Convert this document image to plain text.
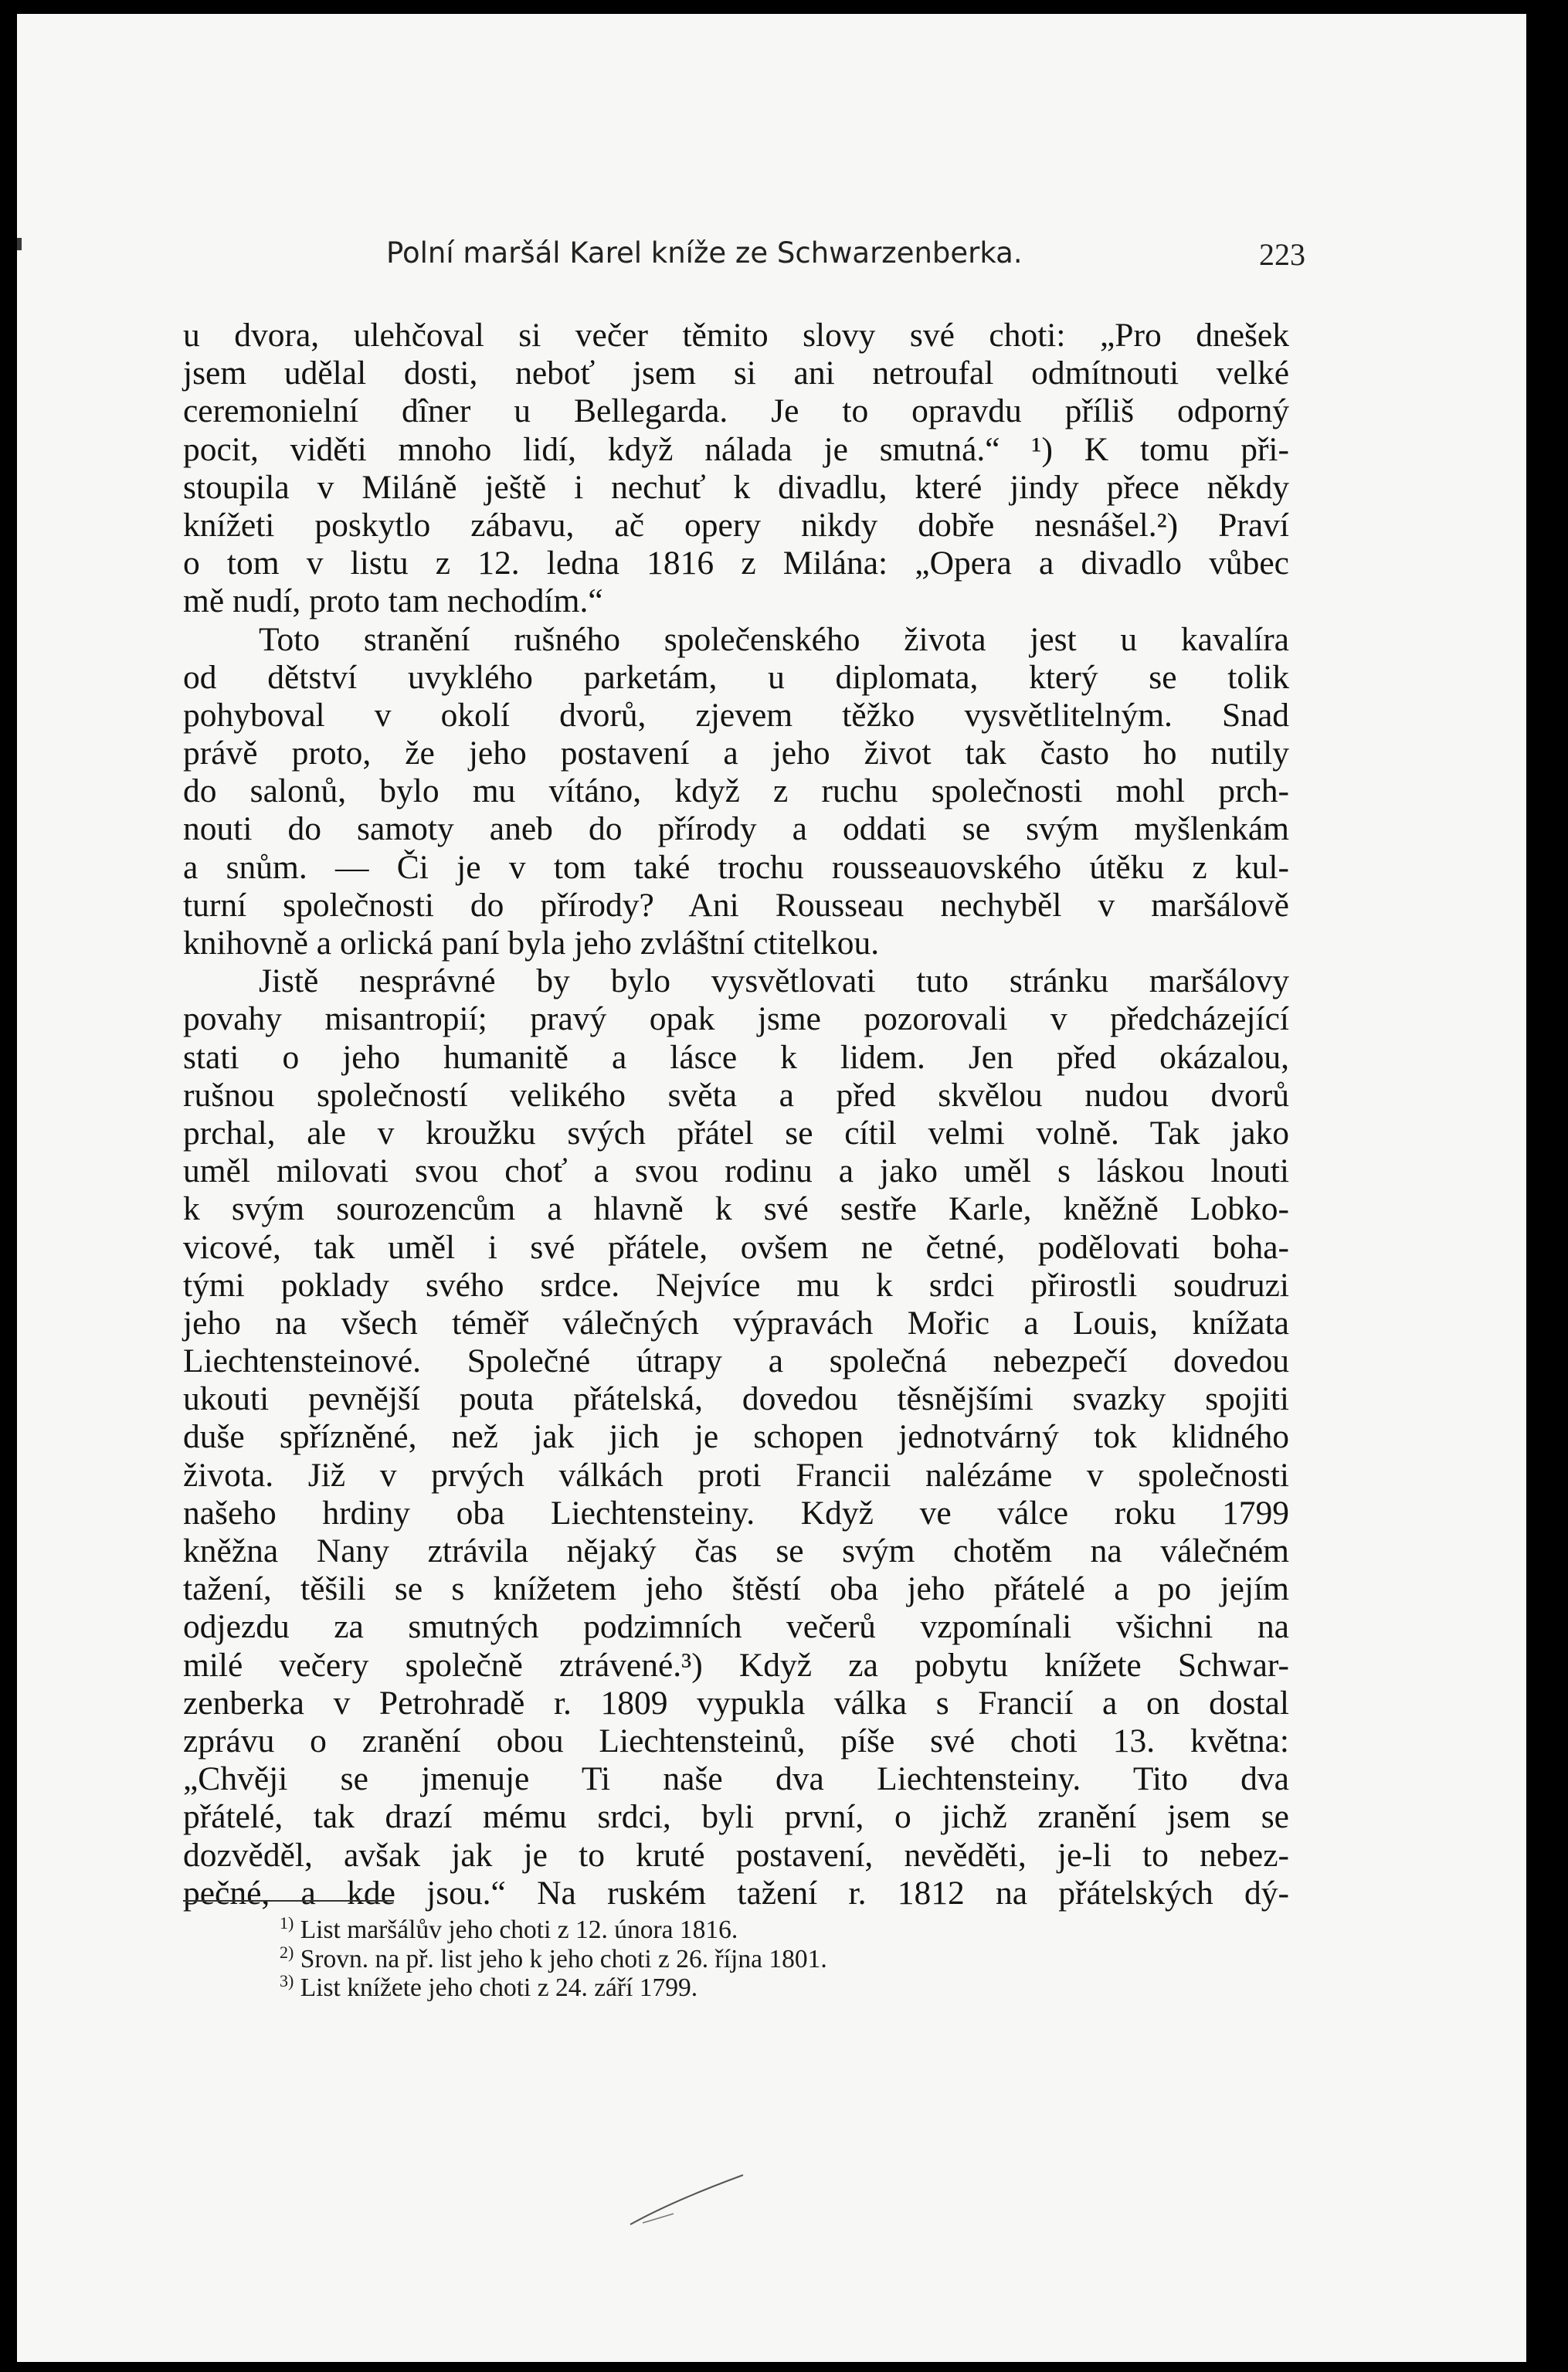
Polní maršál Karel kníže ze Schwarzenberka.	223
u dvora, ulehčoval si večer těmito slovy své choti: „Pro dnešek
jsem udělal dosti, neboť jsem si ani netroufal odmítnouti velké
ceremonielní dîner u Bellegarda. Je to opravdu příliš odporný
pocit, viděti mnoho lidí, když nálada je smutná.“ ¹) K tomu při-
stoupila v Miláně ještě i nechuť k divadlu, které jindy přece někdy
knížeti poskytlo zábavu, ač opery nikdy dobře nesnášel.²) Praví
o tom v listu z 12. ledna 1816 z Milána: „Opera a divadlo vůbec
mě nudí, proto tam nechodím.“
Toto stranění rušného společenského života jest u kavalíra
od dětství uvyklého parketám, u diplomata, který se tolik
pohyboval v okolí dvorů, zjevem těžko vysvětlitelným. Snad
právě proto, že jeho postavení a jeho život tak často ho nutily
do salonů, bylo mu vítáno, když z ruchu společnosti mohl prch-
nouti do samoty aneb do přírody a oddati se svým myšlenkám
a snům. — Či je v tom také trochu rousseauovského útěku z kul-
turní společnosti do přírody? Ani Rousseau nechyběl v maršálově
knihovně a orlická paní byla jeho zvláštní ctitelkou.
Jistě nesprávné by bylo vysvětlovati tuto stránku maršálovy
povahy misantropií; pravý opak jsme pozorovali v předcházející
stati o jeho humanitě a lásce k lidem. Jen před okázalou,
rušnou společností velikého světa a před skvělou nudou dvorů
prchal, ale v kroužku svých přátel se cítil velmi volně. Tak jako
uměl milovati svou choť a svou rodinu a jako uměl s láskou lnouti
k svým sourozencům a hlavně k své sestře Karle, kněžně Lobko-
vicové, tak uměl i své přátele, ovšem ne četné, podělovati boha-
tými poklady svého srdce. Nejvíce mu k srdci přirostli soudruzi
jeho na všech téměř válečných výpravách Mořic a Louis, knížata
Liechtensteinové. Společné útrapy a společná nebezpečí dovedou
ukouti pevnější pouta přátelská, dovedou těsnějšími svazky spojiti
duše spřízněné, než jak jich je schopen jednotvárný tok klidného
života. Již v prvých válkách proti Francii nalézáme v společnosti
našeho hrdiny oba Liechtensteiny. Když ve válce roku 1799
kněžna Nany ztrávila nějaký čas se svým chotěm na válečném
tažení, těšili se s knížetem jeho štěstí oba jeho přátelé a po jejím
odjezdu za smutných podzimních večerů vzpomínali všichni na
milé večery společně ztrávené.³) Když za pobytu knížete Schwar-
zenberka v Petrohradě r. 1809 vypukla válka s Francií a on dostal
zprávu o zranění obou Liechtensteinů, píše své choti 13. května:
„Chvěji se jmenuje Ti naše dva Liechtensteiny. Tito dva
přátelé, tak drazí mému srdci, byli první, o jichž zranění jsem se
dozvěděl, avšak jak je to kruté postavení, nevěděti, je-li to nebez-
pečné, a kde jsou.“ Na ruském tažení r. 1812 na přátelských dý-
$^{1)}$ List maršálův jeho choti z 12. února 1816.
$^{2)}$ Srovn. na př. list jeho k jeho choti z 26. října 1801.
$^{3)}$ List knížete jeho choti z 24. září 1799.
